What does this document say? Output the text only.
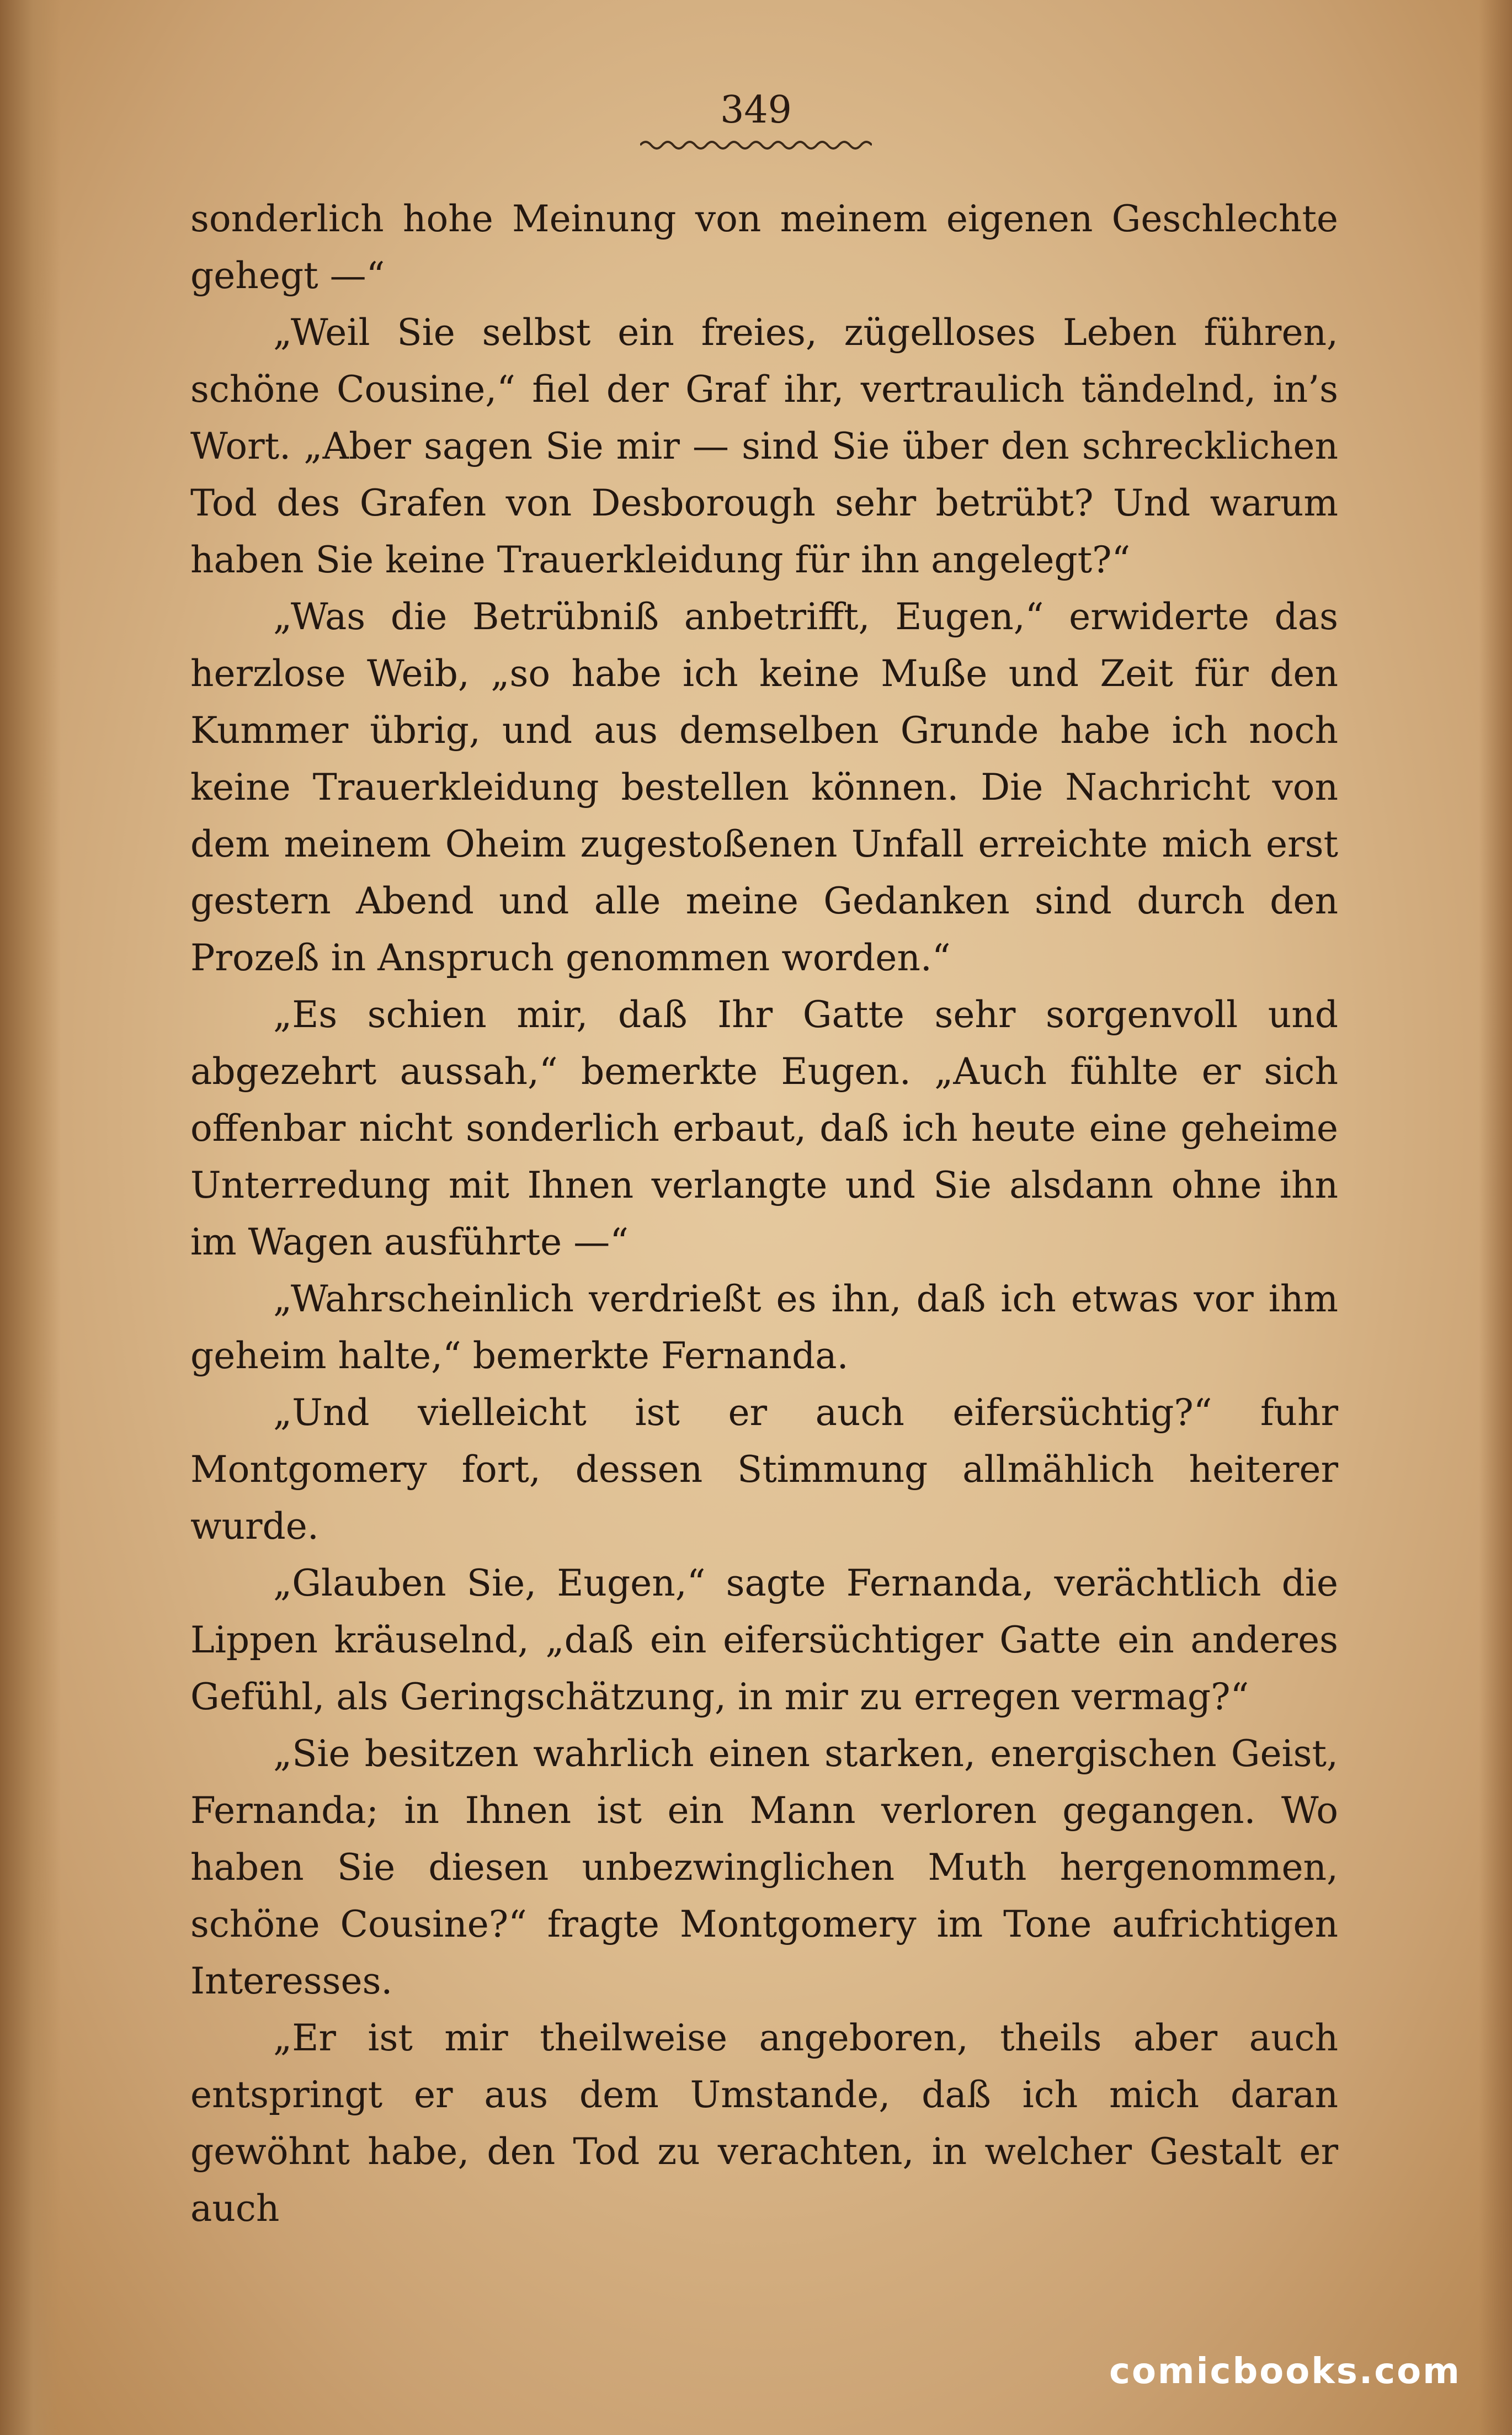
349

sonderlich hohe Meinung von meinem eigenen Geschlechte gehegt —“

„Weil Sie selbst ein freies, zügelloses Leben führen, schöne Cousine,“ fiel der Graf ihr, vertraulich tändelnd, in’s Wort. „Aber sagen Sie mir — sind Sie über den schrecklichen Tod des Grafen von Desborough sehr betrübt? Und warum haben Sie keine Trauerkleidung für ihn angelegt?“

„Was die Betrübniß anbetrifft, Eugen,“ erwiderte das herzlose Weib, „so habe ich keine Muße und Zeit für den Kummer übrig, und aus demselben Grunde habe ich noch keine Trauerkleidung bestellen können. Die Nachricht von dem meinem Oheim zugestoßenen Unfall erreichte mich erst gestern Abend und alle meine Gedanken sind durch den Prozeß in Anspruch genommen worden.“

„Es schien mir, daß Ihr Gatte sehr sorgenvoll und abgezehrt aussah,“ bemerkte Eugen. „Auch fühlte er sich offenbar nicht sonderlich erbaut, daß ich heute eine geheime Unterredung mit Ihnen verlangte und Sie alsdann ohne ihn im Wagen ausführte —“

„Wahrscheinlich verdrießt es ihn, daß ich etwas vor ihm geheim halte,“ bemerkte Fernanda.

„Und vielleicht ist er auch eifersüchtig?“ fuhr Montgomery fort, dessen Stimmung allmählich heiterer wurde.

„Glauben Sie, Eugen,“ sagte Fernanda, verächtlich die Lippen kräuselnd, „daß ein eifersüchtiger Gatte ein anderes Gefühl, als Geringschätzung, in mir zu erregen vermag?“

„Sie besitzen wahrlich einen starken, energischen Geist, Fernanda; in Ihnen ist ein Mann verloren gegangen. Wo haben Sie diesen unbezwinglichen Muth hergenommen, schöne Cousine?“ fragte Montgomery im Tone aufrichtigen Interesses.

„Er ist mir theilweise angeboren, theils aber auch entspringt er aus dem Umstande, daß ich mich daran gewöhnt habe, den Tod zu verachten, in welcher Gestalt er auch

comicbooks.com
